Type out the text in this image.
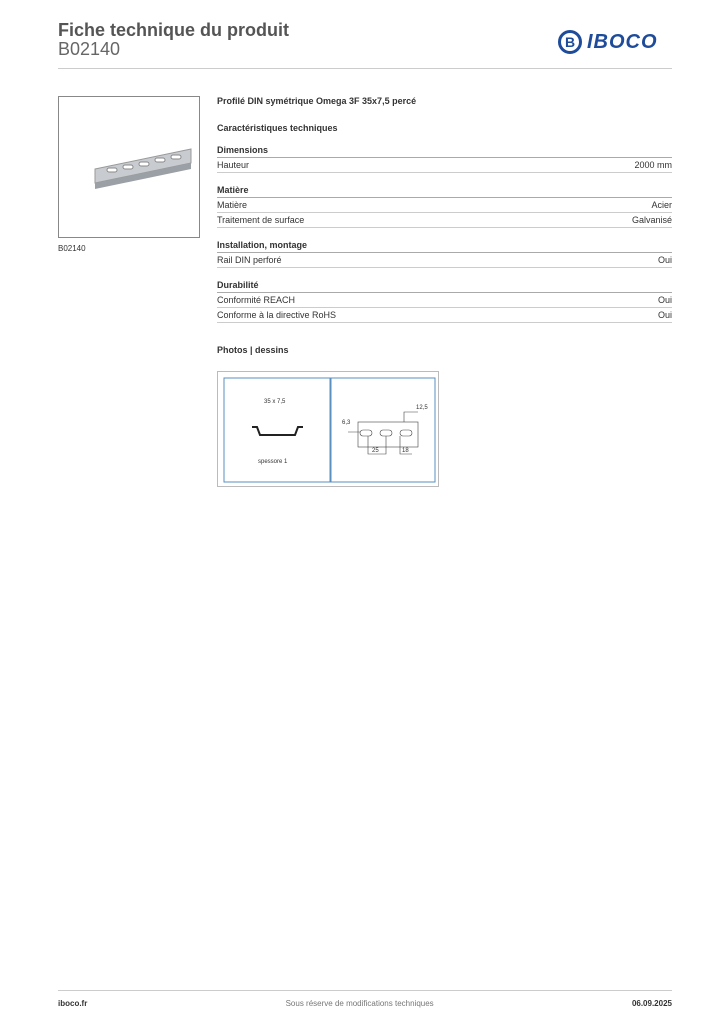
Fiche technique du produit
B02140	B IBOCO
B02140
Profilé DIN symétrique Omega 3F 35x7,5 percé
Caractéristiques techniques
Dimensions
Hauteur	2000 mm
Matière
Matière	Acier
Traitement de surface	Galvanisé
Installation, montage
Rail DIN perforé	Oui
Durabilité
Conformité REACH	Oui
Conforme à la directive RoHS	Oui
Photos | dessins
35 x 7,5
spessore 1
12,5
6,3
25	18
iboco.fr	Sous réserve de modifications techniques	06.09.2025
